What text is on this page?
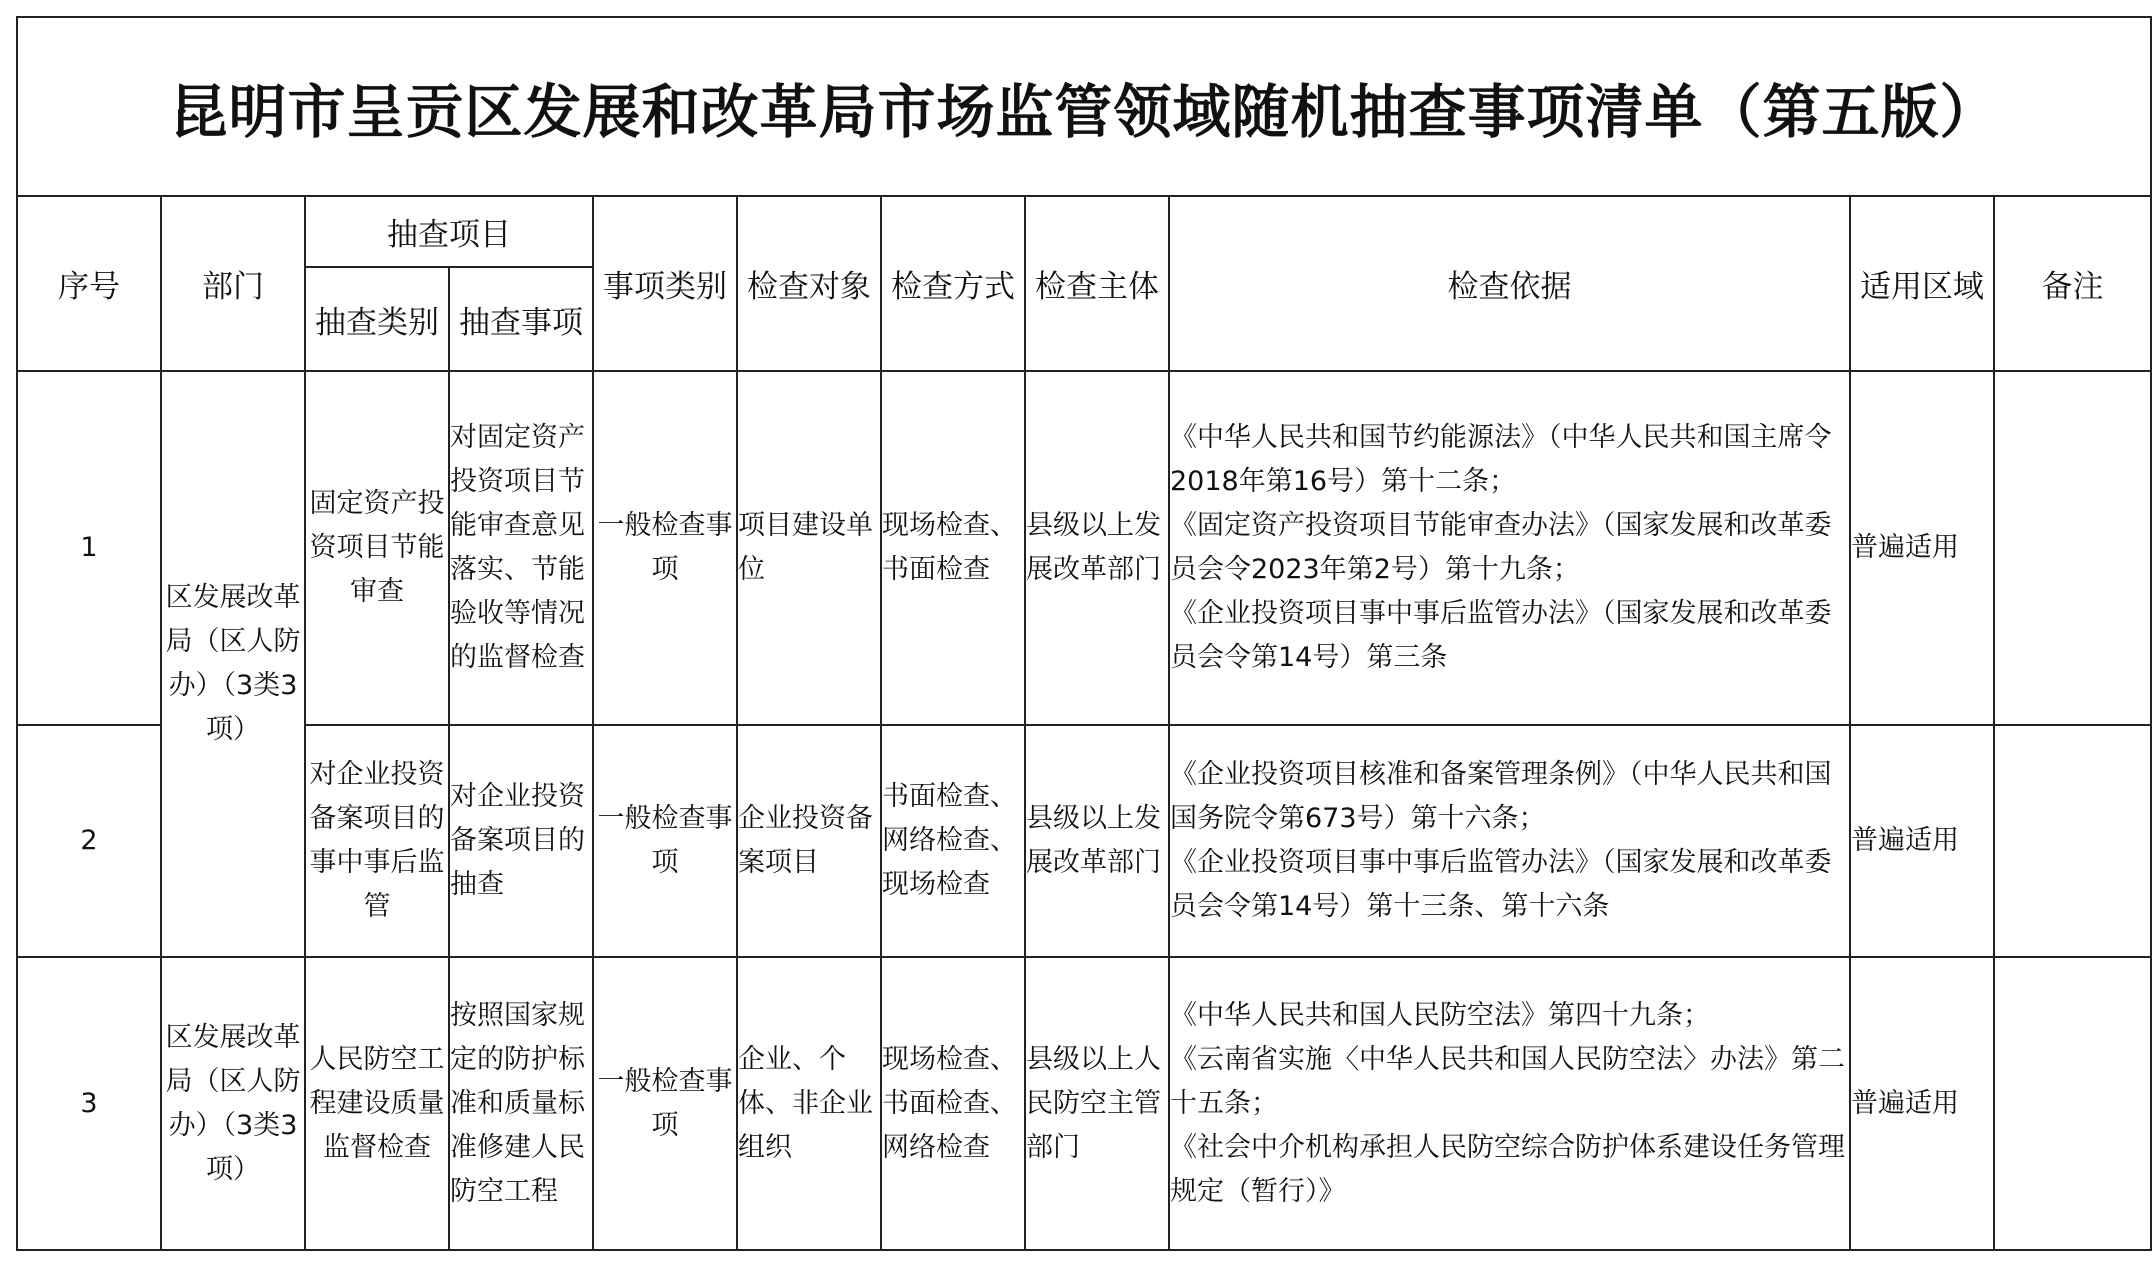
昆明市呈贡区发展和改革局市场监管领域随机抽查事项清单（第五版）										
序号	部门	抽查项目		事项类别	检查对象	检查方式	检查主体	检查依据	适用区域	备注
		抽查类别	抽查事项							
1	区发展改革局（区人防办）（3类3项）	固定资产投资项目节能审查	对固定资产投资项目节能审查意见落实、节能验收等情况的监督检查	一般检查事项	项目建设单位	现场检查、书面检查	县级以上发展改革部门	《中华人民共和国节约能源法》（中华人民共和国主席令2018年第16号）第十二条；
《固定资产投资项目节能审查办法》（国家发展和改革委员会令2023年第2号）第十九条；
《企业投资项目事中事后监管办法》（国家发展和改革委员会令第14号）第三条	普遍适用	
2		对企业投资备案项目的事中事后监管	对企业投资备案项目的抽查	一般检查事项	企业投资备案项目	书面检查、网络检查、现场检查	县级以上发展改革部门	《企业投资项目核准和备案管理条例》（中华人民共和国国务院令第673号）第十六条；
《企业投资项目事中事后监管办法》（国家发展和改革委员会令第14号）第十三条、第十六条	普遍适用	
3	区发展改革局（区人防办）（3类3项）	人民防空工程建设质量监督检查	按照国家规定的防护标准和质量标准修建人民防空工程	一般检查事项	企业、个体、非企业组织	现场检查、书面检查、网络检查	县级以上人民防空主管部门	《中华人民共和国人民防空法》第四十九条；
《云南省实施〈中华人民共和国人民防空法〉办法》第二十五条；
《社会中介机构承担人民防空综合防护体系建设任务管理规定（暂行）》	普遍适用	
